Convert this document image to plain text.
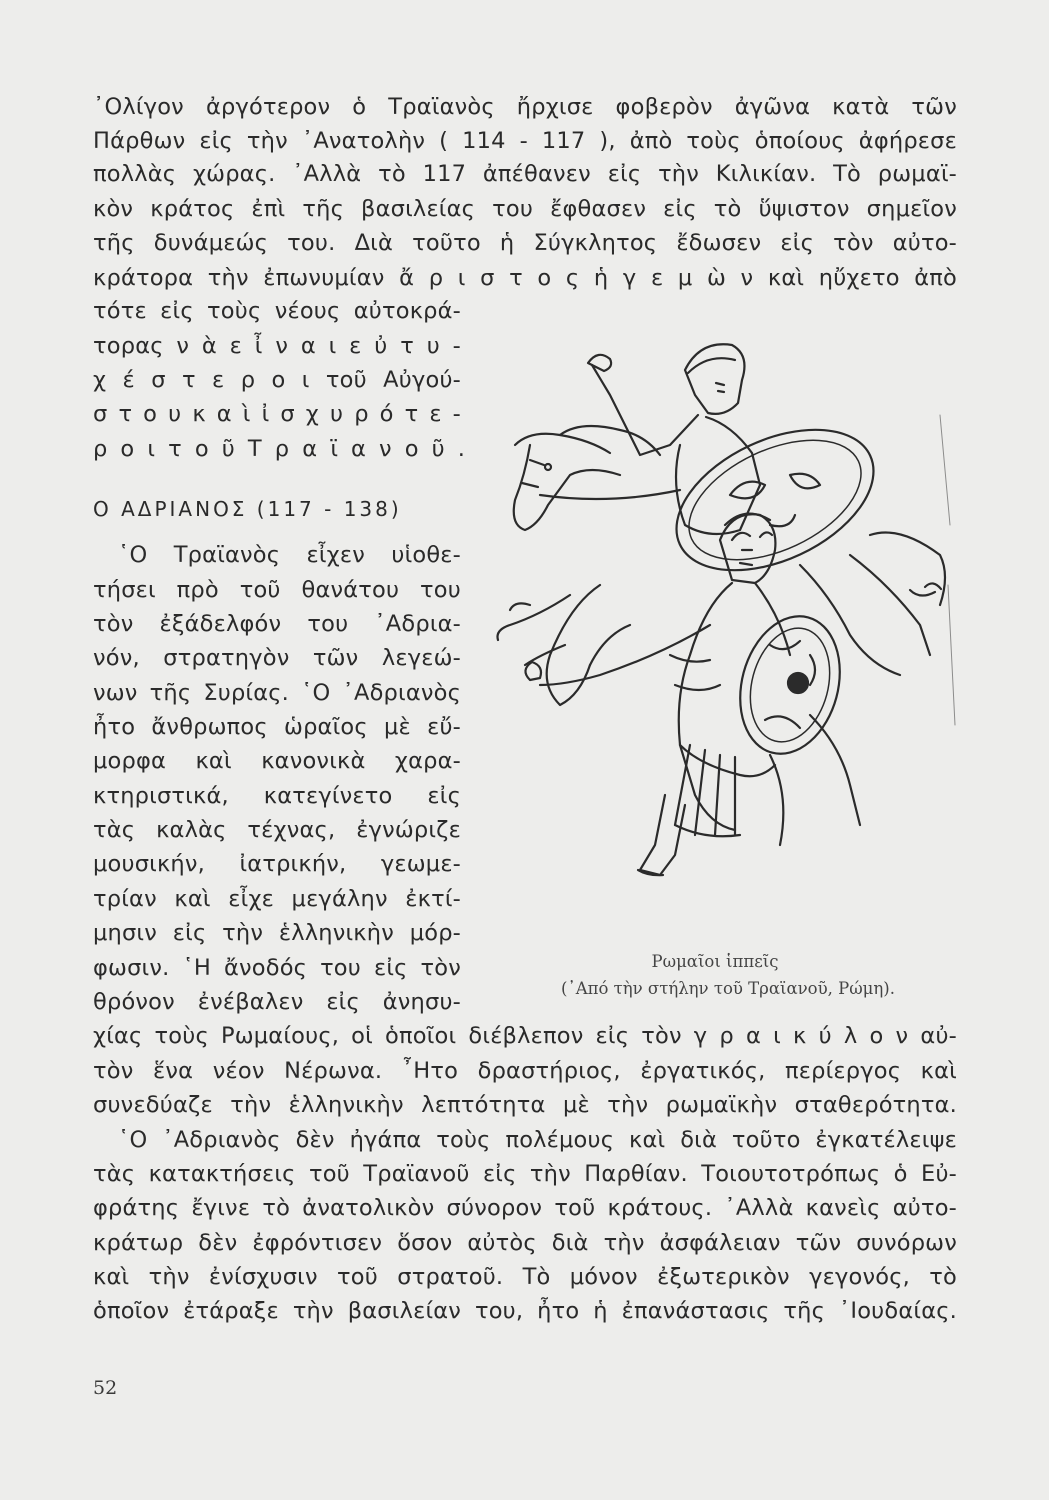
᾿Ολίγον ἀργότερον ὁ Τραϊανὸς ἤρχισε φοβερὸν ἀγῶνα κατὰ τῶν
Πάρθων εἰς τὴν ᾿Ανατολὴν ( 114 - 117 ), ἀπὸ τοὺς ὁποίους ἀφήρεσε
πολλὰς χώρας. ᾿Αλλὰ τὸ 117 ἀπέθανεν εἰς τὴν Κιλικίαν. Τὸ ρωμαϊ-
κὸν κράτος ἐπὶ τῆς βασιλείας του ἔφθασεν εἰς τὸ ὕψιστον σημεῖον
τῆς δυνάμεώς του. Διὰ τοῦτο ἡ Σύγκλητος ἔδωσεν εἰς τὸν αὐτο-
κράτορα τὴν ἐπωνυμίαν ἄ ρ ι σ τ ο ς ἡ γ ε μ ὼ ν καὶ ηὔχετο ἀπὸ
τότε εἰς τοὺς νέους αὐτοκρά-
τορας ν ὰ ε ἶ ν α ι ε ὐ τ υ -
χ έ σ τ ε ρ ο ι τοῦ Αὐγού-
σ τ ο υ κ α ὶ ἰ σ χ υ ρ ό τ ε -
ρ ο ι τ ο ῦ Τ ρ α ϊ α ν ο ῦ .
Ο ΑΔΡΙΑΝΟΣ (117 - 138)
῾Ο Τραϊανὸς εἶχεν υἱοθε-
τήσει πρὸ τοῦ θανάτου του
τὸν ἐξάδελφόν του ᾿Αδρια-
νόν, στρατηγὸν τῶν λεγεώ-
νων τῆς Συρίας. ῾Ο ᾿Αδριανὸς
ἦτο ἄνθρωπος ὡραῖος μὲ εὔ-
μορφα καὶ κανονικὰ χαρα-
κτηριστικά, κατεγίνετο εἰς
τὰς καλὰς τέχνας, ἐγνώριζε
μουσικήν, ἰατρικήν, γεωμε-
τρίαν καὶ εἶχε μεγάλην ἐκτί-
μησιν εἰς τὴν ἑλληνικὴν μόρ-
φωσιν. ῾Η ἄνοδός του εἰς τὸν
θρόνον ἐνέβαλεν εἰς ἀνησυ-
χίας τοὺς Ρωμαίους, οἱ ὁποῖοι διέβλεπον εἰς τὸν γ ρ α ι κ ύ λ ο ν αὐ-
τὸν ἕνα νέον Νέρωνα. ῏Ητο δραστήριος, ἐργατικός, περίεργος καὶ
συνεδύαζε τὴν ἑλληνικὴν λεπτότητα μὲ τὴν ρωμαϊκὴν σταθερότητα.
῾Ο ᾿Αδριανὸς δὲν ἠγάπα τοὺς πολέμους καὶ διὰ τοῦτο ἐγκατέλειψε
τὰς κατακτήσεις τοῦ Τραϊανοῦ εἰς τὴν Παρθίαν. Τοιουτοτρόπως ὁ Εὐ-
φράτης ἔγινε τὸ ἀνατολικὸν σύνορον τοῦ κράτους. ᾿Αλλὰ κανεὶς αὐτο-
κράτωρ δὲν ἐφρόντισεν ὅσον αὐτὸς διὰ τὴν ἀσφάλειαν τῶν συνόρων
καὶ τὴν ἐνίσχυσιν τοῦ στρατοῦ. Τὸ μόνον ἐξωτερικὸν γεγονός, τὸ
ὁποῖον ἐτάραξε τὴν βασιλείαν του, ἦτο ἡ ἐπανάστασις τῆς ᾿Ιουδαίας.
Ρωμαῖοι ἱππεῖς
(᾿Από τὴν στήλην τοῦ Τραϊανοῦ, Ρώμη).
52
